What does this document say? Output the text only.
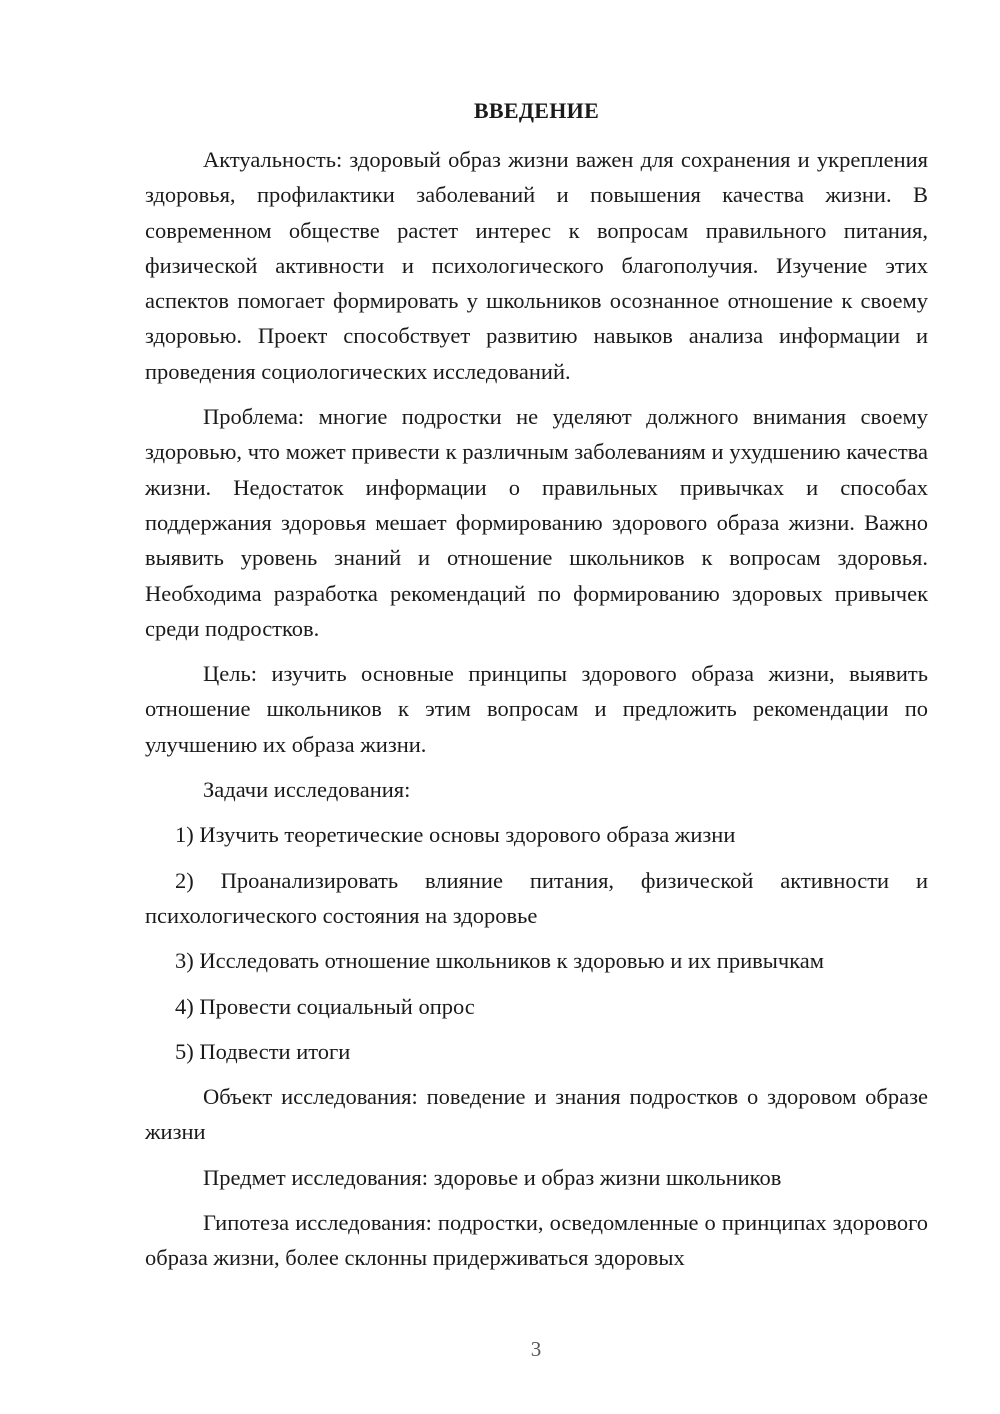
ВВЕДЕНИЕ

Актуальность: здоровый образ жизни важен для сохранения и укрепления здоровья, профилактики заболеваний и повышения качества жизни. В современном обществе растет интерес к вопросам правильного питания, физической активности и психологического благополучия. Изучение этих аспектов помогает формировать у школьников осознанное отношение к своему здоровью. Проект способствует развитию навыков анализа информации и проведения социологических исследований.

Проблема: многие подростки не уделяют должного внимания своему здоровью, что может привести к различным заболеваниям и ухудшению качества жизни. Недостаток информации о правильных привычках и способах поддержания здоровья мешает формированию здорового образа жизни. Важно выявить уровень знаний и отношение школьников к вопросам здоровья. Необходима разработка рекомендаций по формированию здоровых привычек среди подростков.

Цель: изучить основные принципы здорового образа жизни, выявить отношение школьников к этим вопросам и предложить рекомендации по улучшению их образа жизни.

Задачи исследования:

1) Изучить теоретические основы здорового образа жизни

2) Проанализировать влияние питания, физической активности и психологического состояния на здоровье

3) Исследовать отношение школьников к здоровью и их привычкам

4) Провести социальный опрос

5) Подвести итоги

Объект исследования: поведение и знания подростков о здоровом образе жизни

Предмет исследования: здоровье и образ жизни школьников

Гипотеза исследования: подростки, осведомленные о принципах здорового образа жизни, более склонны придерживаться здоровых

3
